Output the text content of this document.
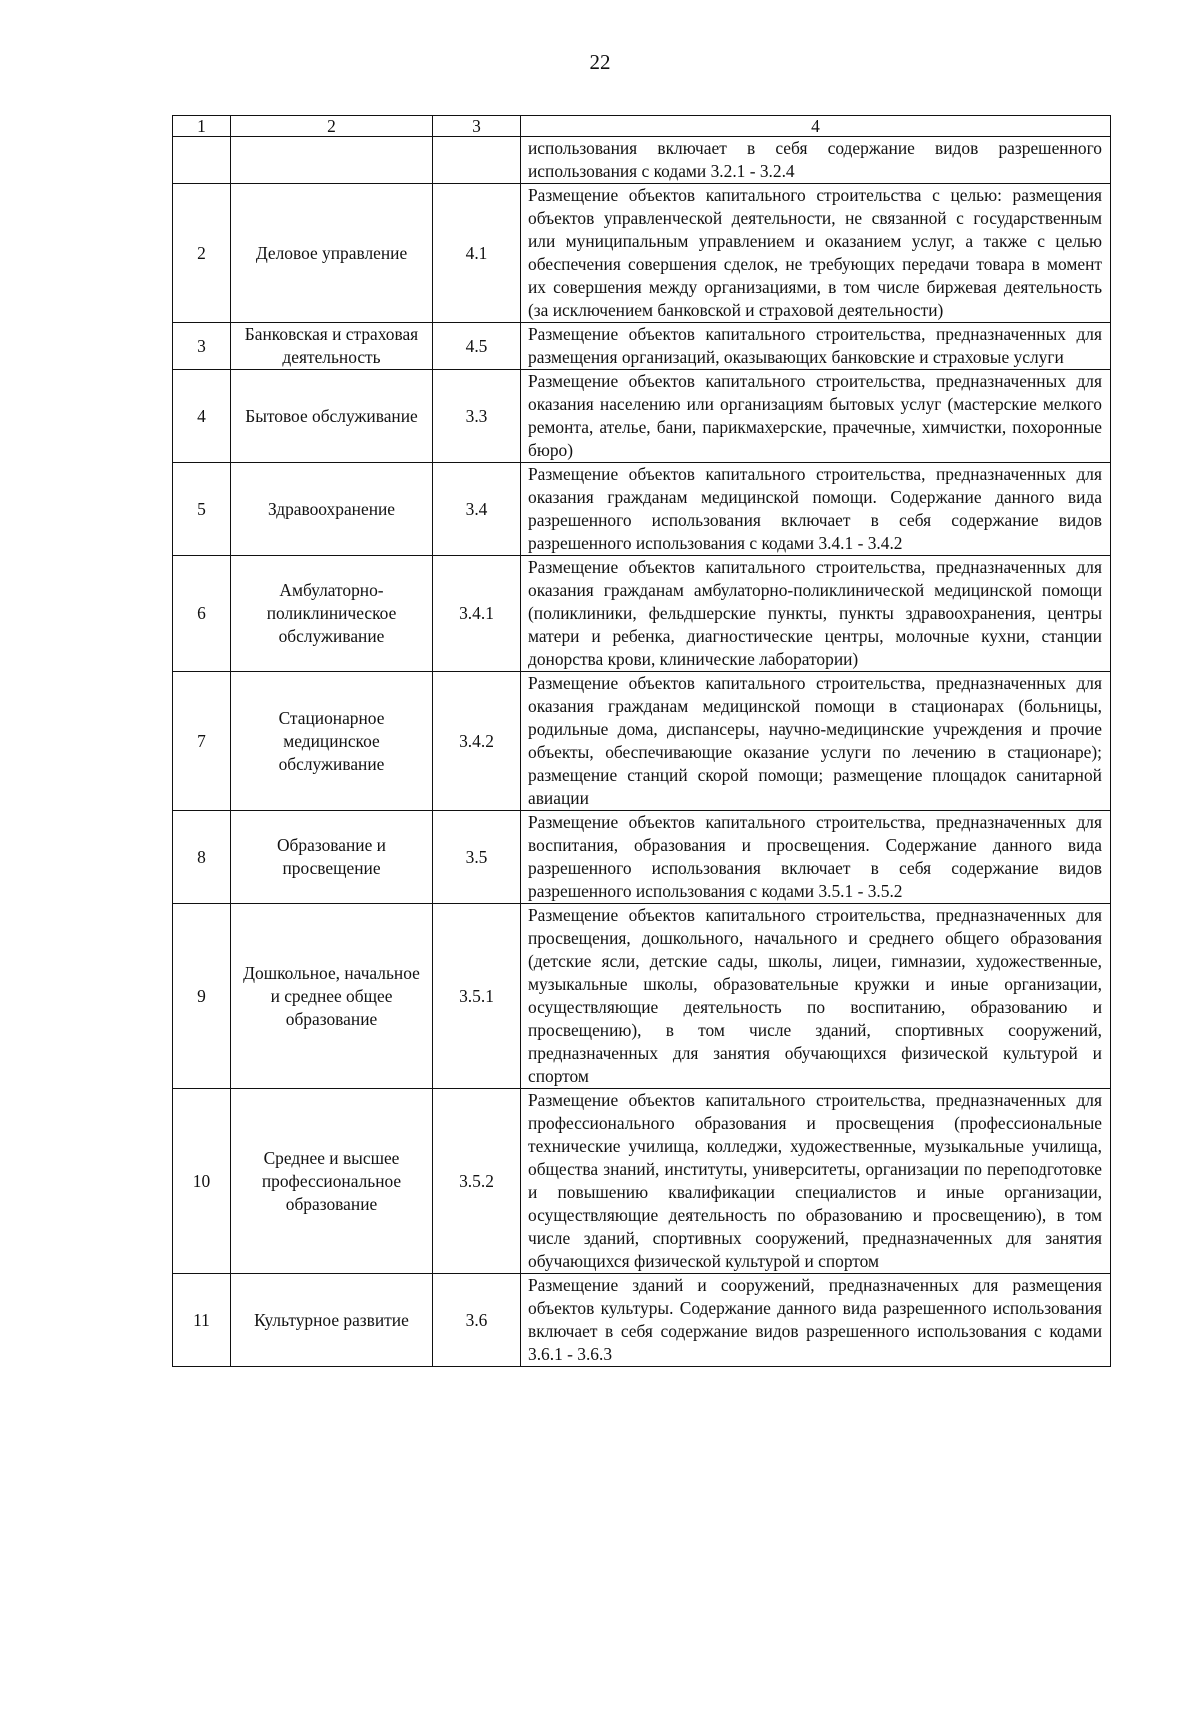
22
1	2	3	4

		использования включает в себя содержание видов разрешенного использования с кодами 3.2.1 - 3.2.4
2	Деловое управление	4.1	Размещение объектов капитального строительства с целью: размещения объектов управленческой деятельности, не связанной с государственным или муниципальным управлением и оказанием услуг, а также с целью обеспечения совершения сделок, не требующих передачи товара в момент их совершения между организациями, в том числе биржевая деятельность (за исключением банковской и страховой деятельности)
3	Банковская и страховая деятельность	4.5	Размещение объектов капитального строительства, предназначенных для размещения организаций, оказывающих банковские и страховые услуги
4	Бытовое обслуживание	3.3	Размещение объектов капитального строительства, предназначенных для оказания населению или организациям бытовых услуг (мастерские мелкого ремонта, ателье, бани, парикмахерские, прачечные, химчистки, похоронные бюро)
5	Здравоохранение	3.4	Размещение объектов капитального строительства, предназначенных для оказания гражданам медицинской помощи. Содержание данного вида разрешенного использования включает в себя содержание видов разрешенного использования с кодами 3.4.1 - 3.4.2
6	Амбулаторно-поликлиническое обслуживание	3.4.1	Размещение объектов капитального строительства, предназначенных для оказания гражданам амбулаторно-поликлинической медицинской помощи (поликлиники, фельдшерские пункты, пункты здравоохранения, центры матери и ребенка, диагностические центры, молочные кухни, станции донорства крови, клинические лаборатории)
7	Стационарное медицинское обслуживание	3.4.2	Размещение объектов капитального строительства, предназначенных для оказания гражданам медицинской помощи в стационарах (больницы, родильные дома, диспансеры, научно-медицинские учреждения и прочие объекты, обеспечивающие оказание услуги по лечению в стационаре); размещение станций скорой помощи; размещение площадок санитарной авиации
8	Образование и просвещение	3.5	Размещение объектов капитального строительства, предназначенных для воспитания, образования и просвещения. Содержание данного вида разрешенного использования включает в себя содержание видов разрешенного использования с кодами 3.5.1 - 3.5.2
9	Дошкольное, начальное и среднее общее образование	3.5.1	Размещение объектов капитального строительства, предназначенных для просвещения, дошкольного, начального и среднего общего образования (детские ясли, детские сады, школы, лицеи, гимназии, художественные, музыкальные школы, образовательные кружки и иные организации, осуществляющие деятельность по воспитанию, образованию и просвещению), в том числе зданий, спортивных сооружений, предназначенных для занятия обучающихся физической культурой и спортом
10	Среднее и высшее профессиональное образование	3.5.2	Размещение объектов капитального строительства, предназначенных для профессионального образования и просвещения (профессиональные технические училища, колледжи, художественные, музыкальные училища, общества знаний, институты, университеты, организации по переподготовке и повышению квалификации специалистов и иные организации, осуществляющие деятельность по образованию и просвещению), в том числе зданий, спортивных сооружений, предназначенных для занятия обучающихся физической культурой и спортом
11	Культурное развитие	3.6	Размещение зданий и сооружений, предназначенных для размещения объектов культуры. Содержание данного вида разрешенного использования включает в себя содержание видов разрешенного использования с кодами 3.6.1 - 3.6.3
